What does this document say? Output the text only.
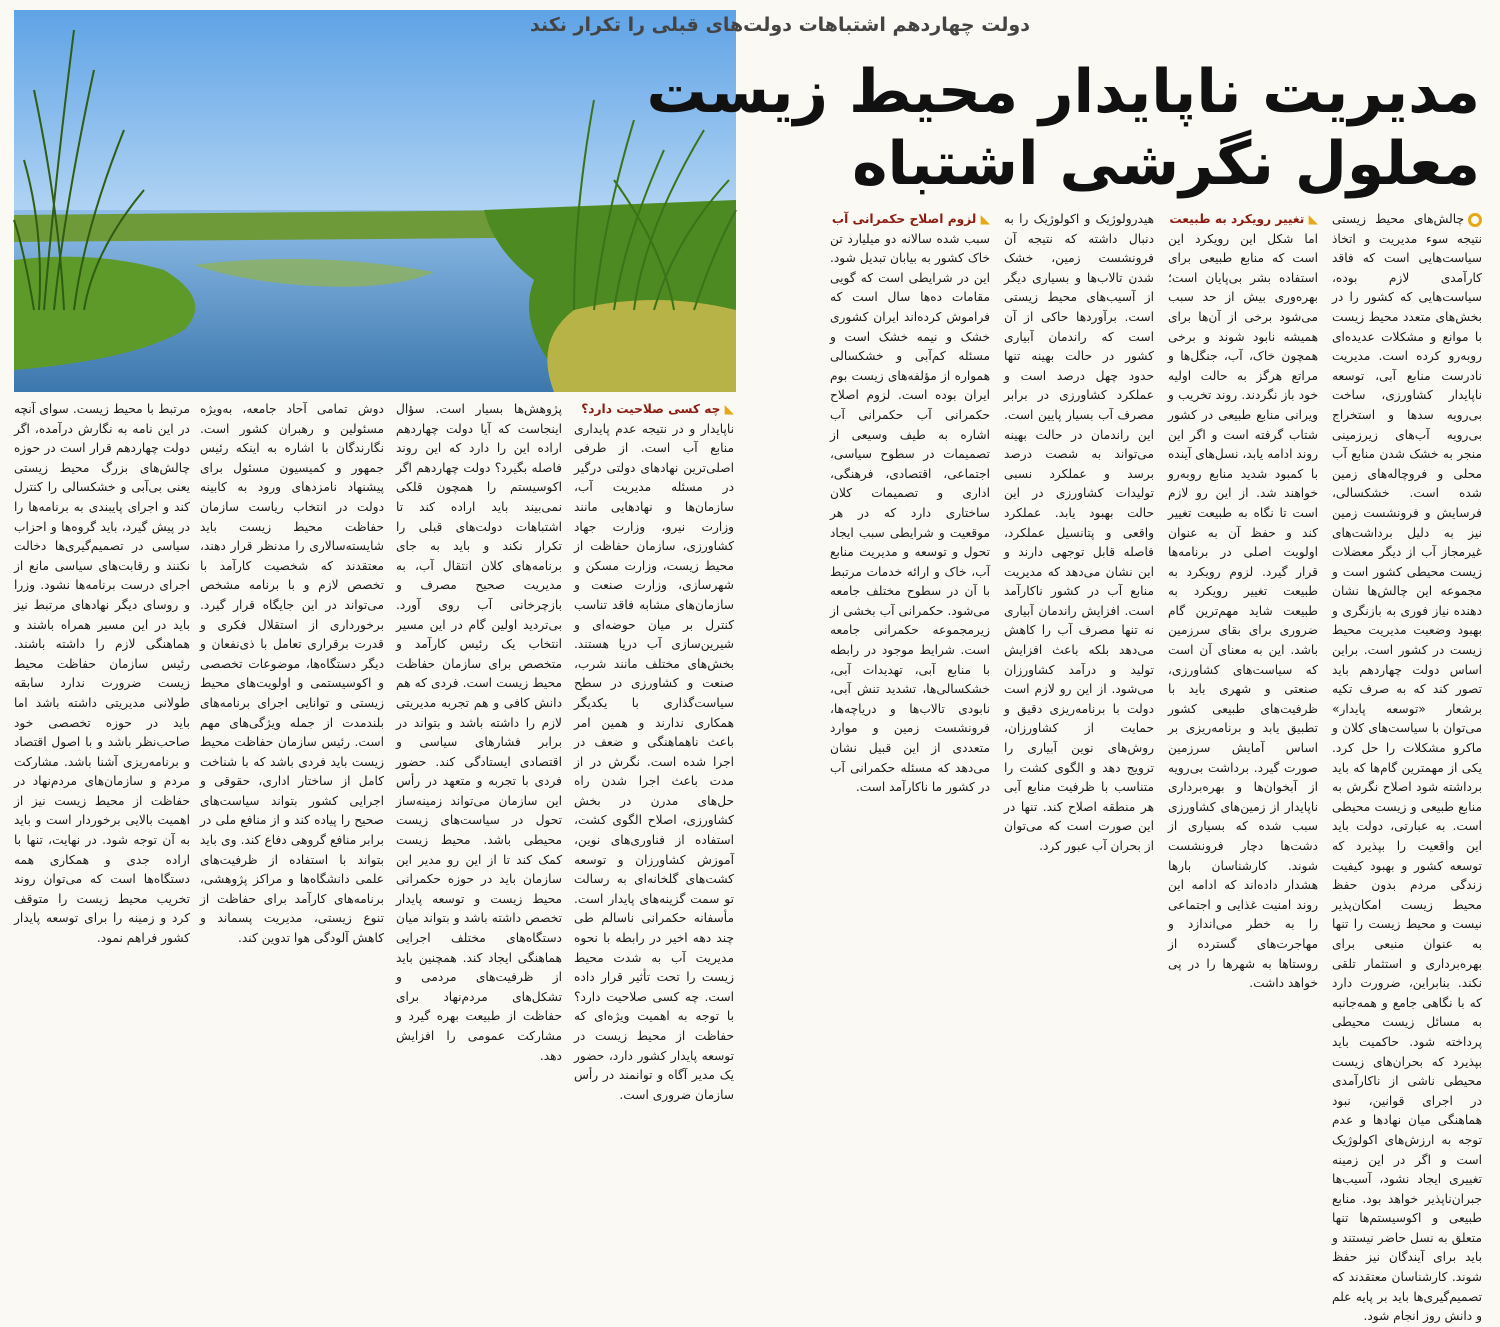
دولت چهاردهم اشتباهات دولت‌های قبلی را تکرار نکند
مدیریت ناپایدار محیط زیست
معلول نگرشی اشتباه

چالش‌های محیط زیستی نتیجه سوء مدیریت و اتخاذ سیاست‌هایی است که فاقد کارآمدی لازم بوده، سیاست‌هایی که کشور را در بخش‌های متعدد محیط زیست با موانع و مشکلات عدیده‌ای روبه‌رو کرده است. مدیریت نادرست منابع آبی، توسعه ناپایدار کشاورزی، ساخت بی‌رویه سدها و استخراج بی‌رویه آب‌های زیرزمینی منجر به خشک شدن منابع آب محلی و فروچاله‌های زمین شده است. خشکسالی، فرسایش و فرونشست زمین نیز به دلیل برداشت‌های غیرمجاز آب از دیگر معضلات زیست محیطی کشور است و مجموعه این چالش‌ها نشان دهنده نیاز فوری به بازنگری و بهبود وضعیت مدیریت محیط زیست در کشور است. براین اساس دولت چهاردهم باید تصور کند که به صرف تکیه برشعار «توسعه پایدار» می‌توان با سیاست‌های کلان و ماکرو مشکلات را حل کرد. یکی از مهمترین گام‌ها که باید برداشته شود اصلاح نگرش به منابع طبیعی و زیست محیطی است. به عبارتی، دولت باید این واقعیت را بپذیرد که توسعه کشور و بهبود کیفیت زندگی مردم بدون حفظ محیط زیست امکان‌پذیر نیست و محیط زیست را تنها به عنوان منبعی برای بهره‌برداری و استثمار تلقی نکند. بنابراین، ضرورت دارد که با نگاهی جامع و همه‌جانبه به مسائل زیست محیطی پرداخته شود. حاکمیت باید بپذیرد که بحران‌های زیست محیطی ناشی از ناکارآمدی در اجرای قوانین، نبود هماهنگی میان نهادها و عدم توجه به ارزش‌های اکولوژیک است و اگر در این زمینه تغییری ایجاد نشود، آسیب‌ها جبران‌ناپذیر خواهد بود. منابع طبیعی و اکوسیستم‌ها تنها متعلق به نسل حاضر نیستند و باید برای آیندگان نیز حفظ شوند. کارشناسان معتقدند که تصمیم‌گیری‌ها باید بر پایه علم و دانش روز انجام شود.

◣ تغییر رویکرد به طبیعت

اما شکل این رویکرد این است که منابع طبیعی برای استفاده بشر بی‌پایان است؛ بهره‌وری بیش از حد سبب می‌شود برخی از آن‌ها برای همیشه نابود شوند و برخی همچون خاک، آب، جنگل‌ها و مراتع هرگز به حالت اولیه خود باز نگردند. روند تخریب و ویرانی منابع طبیعی در کشور شتاب گرفته است و اگر این روند ادامه یابد، نسل‌های آینده با کمبود شدید منابع روبه‌رو خواهند شد. از این رو لازم است تا نگاه به طبیعت تغییر کند و حفظ آن به عنوان اولویت اصلی در برنامه‌ها قرار گیرد. لزوم رویکرد به طبیعت تغییر رویکرد به طبیعت شاید مهم‌ترین گام ضروری برای بقای سرزمین باشد. این به معنای آن است که سیاست‌های کشاورزی، صنعتی و شهری باید با ظرفیت‌های طبیعی کشور تطبیق یابد و برنامه‌ریزی بر اساس آمایش سرزمین صورت گیرد. برداشت بی‌رویه از آبخوان‌ها و بهره‌برداری ناپایدار از زمین‌های کشاورزی سبب شده که بسیاری از دشت‌ها دچار فرونشست شوند. کارشناسان بارها هشدار داده‌اند که ادامه این روند امنیت غذایی و اجتماعی را به خطر می‌اندازد و مهاجرت‌های گسترده از روستاها به شهرها را در پی خواهد داشت.

هیدرولوژیک و اکولوژیک را به دنبال داشته که نتیجه آن فرونشست زمین، خشک شدن تالاب‌ها و بسیاری دیگر از آسیب‌های محیط زیستی است. برآوردها حاکی از آن است که راندمان آبیاری کشور در حالت بهینه تنها حدود چهل درصد است و عملکرد کشاورزی در برابر مصرف آب بسیار پایین است. این راندمان در حالت بهینه می‌تواند به شصت درصد برسد و عملکرد نسبی تولیدات کشاورزی در این حالت بهبود یابد. عملکرد واقعی و پتانسیل عملکرد، فاصله قابل توجهی دارند و این نشان می‌دهد که مدیریت منابع آب در کشور ناکارآمد است. افزایش راندمان آبیاری نه تنها مصرف آب را کاهش می‌دهد بلکه باعث افزایش تولید و درآمد کشاورزان می‌شود. از این رو لازم است دولت با برنامه‌ریزی دقیق و حمایت از کشاورزان، روش‌های نوین آبیاری را ترویج دهد و الگوی کشت را متناسب با ظرفیت منابع آبی هر منطقه اصلاح کند. تنها در این صورت است که می‌توان از بحران آب عبور کرد.

◣ لزوم اصلاح حکمرانی آب

سبب شده سالانه دو میلیارد تن خاک کشور به بیابان تبدیل شود. این در شرایطی است که گویی مقامات ده‌ها سال است که فراموش کرده‌اند ایران کشوری خشک و نیمه خشک است و مسئله کم‌آبی و خشکسالی همواره از مؤلفه‌های زیست بوم ایران بوده است. لزوم اصلاح حکمرانی آب حکمرانی آب اشاره به طیف وسیعی از تصمیمات در سطوح سیاسی، اجتماعی، اقتصادی، فرهنگی، اداری و تصمیمات کلان ساختاری دارد که در هر موقعیت و شرایطی سبب ایجاد تحول و توسعه و مدیریت منابع آب، خاک و ارائه خدمات مرتبط با آن در سطوح مختلف جامعه می‌شود. حکمرانی آب بخشی از زیرمجموعه حکمرانی جامعه است. شرایط موجود در رابطه با منابع آبی، تهدیدات آبی، خشکسالی‌ها، تشدید تنش آبی، نابودی تالاب‌ها و دریاچه‌ها، فرونشست زمین و موارد متعددی از این قبیل نشان می‌دهد که مسئله حکمرانی آب در کشور ما ناکارآمد است.

◣ چه کسی صلاحیت دارد؟

ناپایدار و در نتیجه عدم پایداری منابع آب است. از طرفی اصلی‌ترین نهادهای دولتی درگیر در مسئله مدیریت آب، سازمان‌ها و نهادهایی مانند وزارت نیرو، وزارت جهاد کشاورزی، سازمان حفاظت از محیط زیست، وزارت مسکن و شهرسازی، وزارت صنعت و سازمان‌های مشابه فاقد تناسب کنترل بر میان حوضه‌ای و شیرین‌سازی آب دریا هستند. بخش‌های مختلف مانند شرب، صنعت و کشاورزی در سطح سیاست‌گذاری با یکدیگر همکاری ندارند و همین امر باعث ناهماهنگی و ضعف در اجرا شده است. نگرش در از مدت باعث اجرا شدن راه حل‌های مدرن در بخش کشاورزی، اصلاح الگوی کشت، استفاده از فناوری‌های نوین، آموزش کشاورزان و توسعه کشت‌های گلخانه‌ای به رسالت تو سمت گزینه‌های پایدار است. مأسفانه حکمرانی ناسالم طی چند دهه اخیر در رابطه با نحوه مدیریت آب به شدت محیط زیست را تحت تأثیر قرار داده است. چه کسی صلاحیت دارد؟ با توجه به اهمیت ویژه‌ای که حفاظت از محیط زیست در توسعه پایدار کشور دارد، حضور یک مدیر آگاه و توانمند در رأس سازمان ضروری است.

پژوهش‌ها بسیار است. سؤال اینجاست که آیا دولت چهاردهم اراده این را دارد که این روند فاصله بگیرد؟ دولت چهاردهم اگر اکوسیستم را همچون قلکی نمی‌بیند باید اراده کند تا اشتباهات دولت‌های قبلی را تکرار نکند و باید به جای برنامه‌های کلان انتقال آب، به مدیریت صحیح مصرف و بازچرخانی آب روی آورد. بی‌تردید اولین گام در این مسیر انتخاب یک رئیس کارآمد و متخصص برای سازمان حفاظت محیط زیست است. فردی که هم دانش کافی و هم تجربه مدیریتی لازم را داشته باشد و بتواند در برابر فشارهای سیاسی و اقتصادی ایستادگی کند. حضور فردی با تجربه و متعهد در رأس این سازمان می‌تواند زمینه‌ساز تحول در سیاست‌های زیست محیطی باشد. محیط زیست کمک کند تا از این رو مدیر این سازمان باید در حوزه حکمرانی محیط زیست و توسعه پایدار تخصص داشته باشد و بتواند میان دستگاه‌های مختلف اجرایی هماهنگی ایجاد کند. همچنین باید از ظرفیت‌های مردمی و تشکل‌های مردم‌نهاد برای حفاظت از طبیعت بهره گیرد و مشارکت عمومی را افزایش دهد.

دوش تمامی آحاد جامعه، به‌ویژه مسئولین و رهبران کشور است. نگارندگان با اشاره به اینکه رئیس جمهور و کمیسیون مسئول برای پیشنهاد نامزدهای ورود به کابینه دولت در انتخاب ریاست سازمان حفاظت محیط زیست باید شایسته‌سالاری را مدنظر قرار دهند، معتقدند که شخصیت کارآمد با تخصص لازم و با برنامه مشخص می‌تواند در این جایگاه قرار گیرد. برخورداری از استقلال فکری و قدرت برقراری تعامل با ذی‌نفعان و دیگر دستگاه‌ها، موضوعات تخصصی و اکوسیستمی و اولویت‌های محیط زیستی و توانایی اجرای برنامه‌های بلندمدت از جمله ویژگی‌های مهم است. رئیس سازمان حفاظت محیط زیست باید فردی باشد که با شناخت کامل از ساختار اداری، حقوقی و اجرایی کشور بتواند سیاست‌های صحیح را پیاده کند و از منافع ملی در برابر منافع گروهی دفاع کند. وی باید بتواند با استفاده از ظرفیت‌های علمی دانشگاه‌ها و مراکز پژوهشی، برنامه‌های کارآمد برای حفاظت از تنوع زیستی، مدیریت پسماند و کاهش آلودگی هوا تدوین کند.

مرتبط با محیط زیست. سوای آنچه در این نامه به نگارش درآمده، اگر دولت چهاردهم قرار است در حوزه چالش‌های بزرگ محیط زیستی یعنی بی‌آبی و خشکسالی را کنترل کند و اجرای پایبندی به برنامه‌ها را در پیش گیرد، باید گروه‌ها و احزاب سیاسی در تصمیم‌گیری‌ها دخالت نکنند و رقابت‌های سیاسی مانع از اجرای درست برنامه‌ها نشود. وزرا و روسای دیگر نهادهای مرتبط نیز باید در این مسیر همراه باشند و هماهنگی لازم را داشته باشند. رئیس سازمان حفاظت محیط زیست ضرورت ندارد سابقه طولانی مدیریتی داشته باشد اما باید در حوزه تخصصی خود صاحب‌نظر باشد و با اصول اقتصاد و برنامه‌ریزی آشنا باشد. مشارکت مردم و سازمان‌های مردم‌نهاد در حفاظت از محیط زیست نیز از اهمیت بالایی برخوردار است و باید به آن توجه شود. در نهایت، تنها با اراده جدی و همکاری همه دستگاه‌ها است که می‌توان روند تخریب محیط زیست را متوقف کرد و زمینه را برای توسعه پایدار کشور فراهم نمود.
